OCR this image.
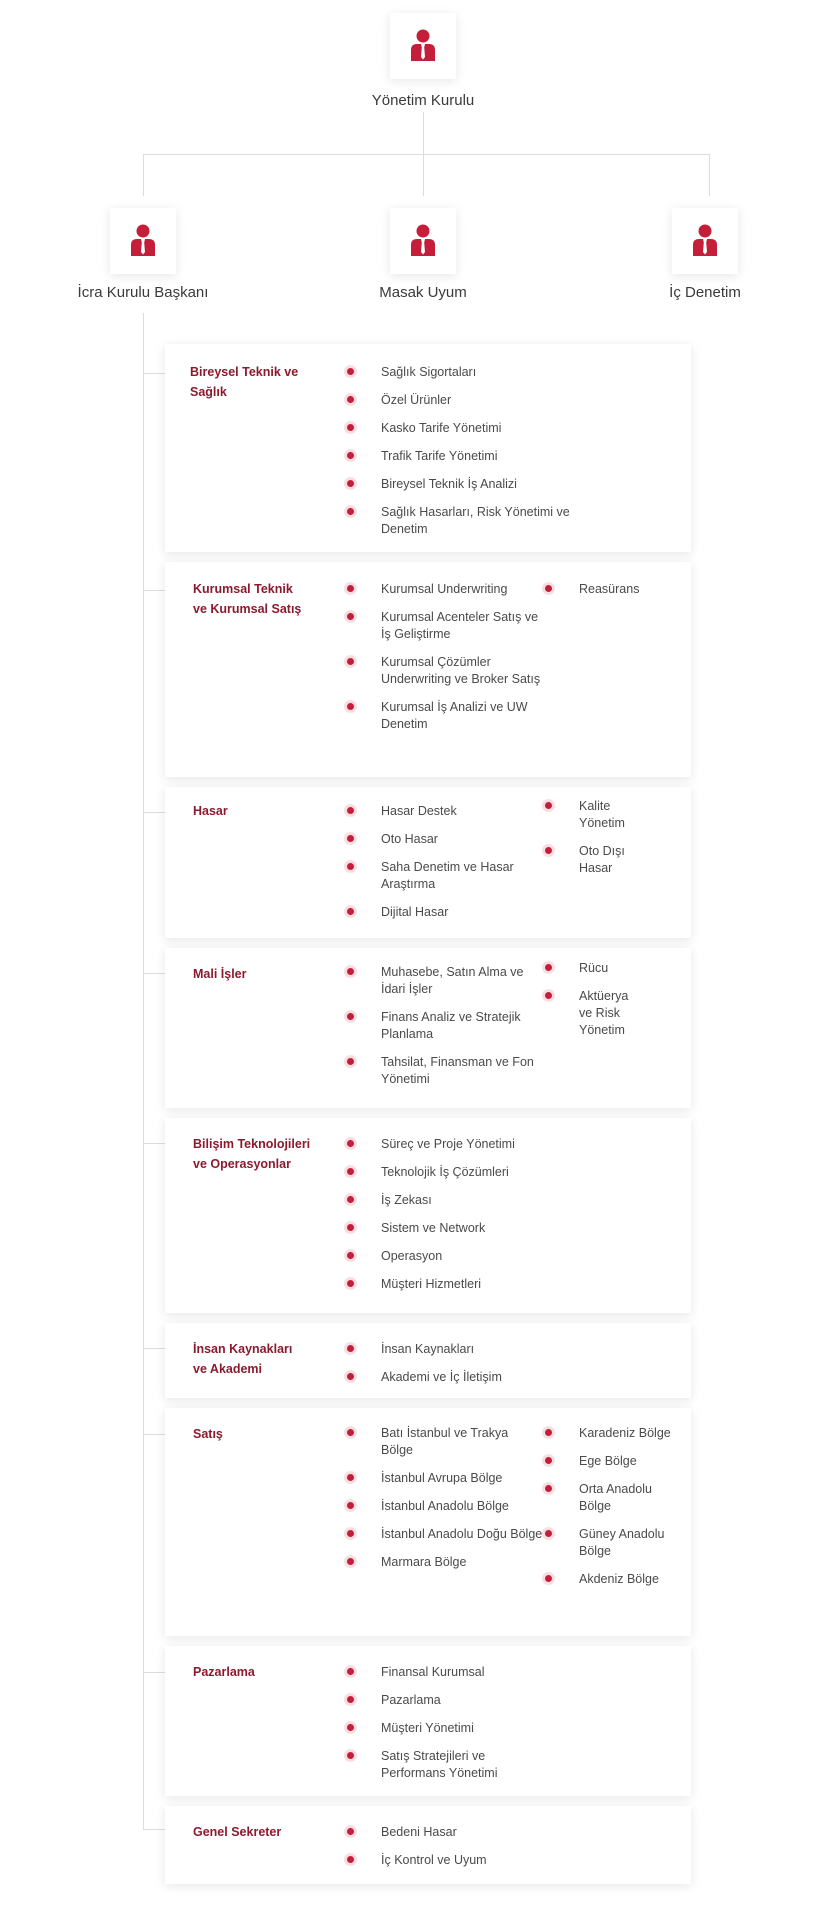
Yönetim Kurulu
İcra Kurulu Başkanı	Masak Uyum	İç Denetim
Bireysel Teknik ve Sağlık
Sağlık Sigortaları
Özel Ürünler
Kasko Tarife Yönetimi
Trafik Tarife Yönetimi
Bireysel Teknik İş Analizi
Sağlık Hasarları, Risk Yönetimi ve Denetim
Kurumsal Teknik ve Kurumsal Satış
Kurumsal Underwriting
Kurumsal Acenteler Satış ve İş Geliştirme
Kurumsal Çözümler Underwriting ve Broker Satış
Kurumsal İş Analizi ve UW Denetim
Reasürans
Hasar	Hasar Destek
Oto Hasar
Saha Denetim ve Hasar Araştırma
Dijital Hasar
Kalite Yönetim
Oto Dışı Hasar
Mali İşler	Muhasebe, Satın Alma ve İdari İşler
Finans Analiz ve Stratejik Planlama
Tahsilat, Finansman ve Fon Yönetimi
Rücu
Aktüerya ve Risk Yönetim
Bilişim Teknolojileri ve Operasyonlar
Süreç ve Proje Yönetimi
Teknolojik İş Çözümleri
İş Zekası
Sistem ve Network
Operasyon
Müşteri Hizmetleri
İnsan Kaynakları ve Akademi
İnsan Kaynakları
Akademi ve İç İletişim
Satış	Batı İstanbul ve Trakya Bölge
İstanbul Avrupa Bölge
İstanbul Anadolu Bölge
İstanbul Anadolu Doğu Bölge
Marmara Bölge
Karadeniz Bölge
Ege Bölge
Orta Anadolu Bölge
Güney Anadolu Bölge
Akdeniz Bölge
Pazarlama	Finansal Kurumsal
Pazarlama
Müşteri Yönetimi
Satış Stratejileri ve Performans Yönetimi
Genel Sekreter	Bedeni Hasar
İç Kontrol ve Uyum
